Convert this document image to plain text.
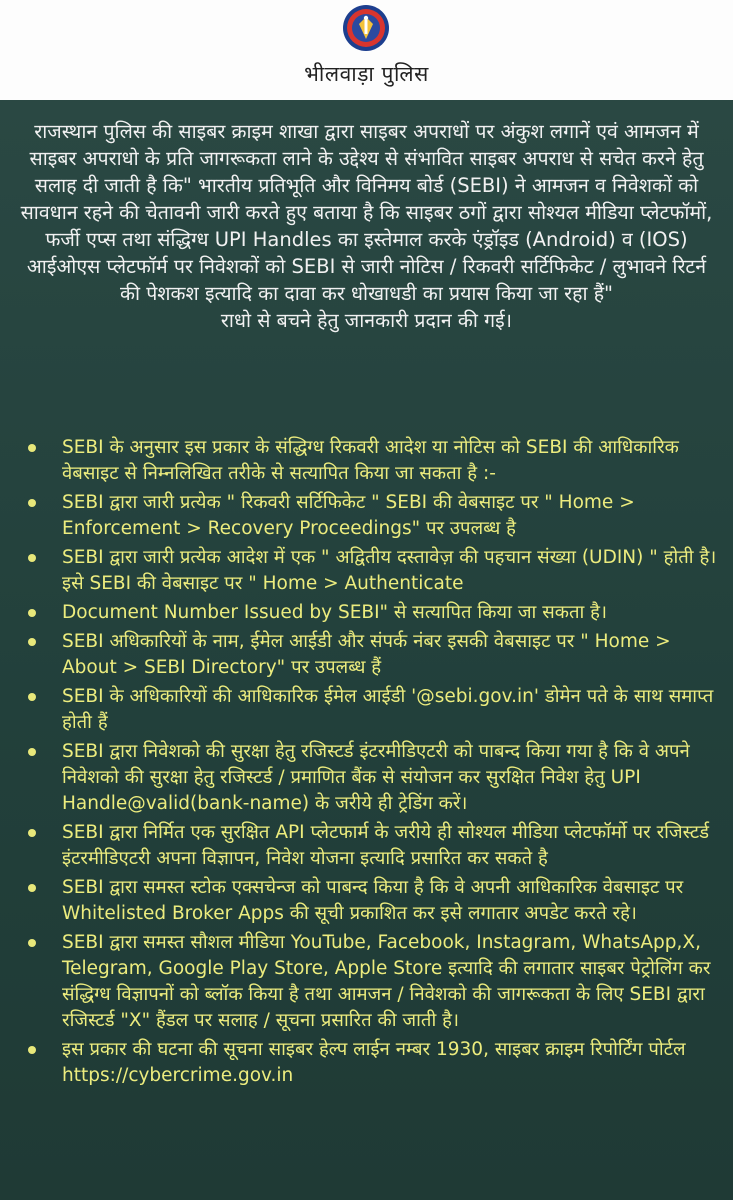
भीलवाड़ा पुलिस

राजस्थान पुलिस की साइबर क्राइम शाखा द्वारा साइबर अपराधों पर अंकुश लगानें एवं आमजन में साइबर अपराधो के प्रति जागरूकता लाने के उद्देश्य से संभावित साइबर अपराध से सचेत करने हेतु सलाह दी जाती है कि" भारतीय प्रतिभूति और विनिमय बोर्ड (SEBI) ने आमजन व निवेशकों को सावधान रहने की चेतावनी जारी करते हुए बताया है कि साइबर ठगों द्वारा सोश्यल मीडिया प्लेटफॉमों, फर्जी एप्स तथा संद्धिग्ध UPI Handles का इस्तेमाल करके एंड्रॉइड (Android) व (IOS) आईओएस प्लेटफॉर्म पर निवेशकों को SEBI से जारी नोटिस / रिकवरी सर्टिफिकेट / लुभावने रिटर्न की पेशकश इत्यादि का दावा कर धोखाधडी का प्रयास किया जा रहा हैं"

राधो से बचने हेतु जानकारी प्रदान की गई।

SEBI के अनुसार इस प्रकार के संद्धिग्ध रिकवरी आदेश या नोटिस को SEBI की आधिकारिक वेबसाइट से निम्नलिखित तरीके से सत्यापित किया जा सकता है :-
SEBI द्वारा जारी प्रत्येक " रिकवरी सर्टिफिकेट " SEBI की वेबसाइट पर " Home > Enforcement > Recovery Proceedings" पर उपलब्ध है
SEBI द्वारा जारी प्रत्येक आदेश में एक " अद्वितीय दस्तावेज़ की पहचान संख्या (UDIN) " होती है। इसे SEBI की वेबसाइट पर " Home > Authenticate
Document Number Issued by SEBI" से सत्यापित किया जा सकता है।
SEBI अधिकारियों के नाम, ईमेल आईडी और संपर्क नंबर इसकी वेबसाइट पर " Home > About > SEBI Directory" पर उपलब्ध हैं
SEBI के अधिकारियों की आधिकारिक ईमेल आईडी '@sebi.gov.in' डोमेन पते के साथ समाप्त होती हैं
SEBI द्वारा निवेशको की सुरक्षा हेतु रजिस्टर्ड इंटरमीडिएटरी को पाबन्द किया गया है कि वे अपने निवेशको की सुरक्षा हेतु रजिस्टर्ड / प्रमाणित बैंक से संयोजन कर सुरक्षित निवेश हेतु UPI Handle@valid(bank-name) के जरीये ही ट्रेडिंग करें।
SEBI द्वारा निर्मित एक सुरक्षित API प्लेटफार्म के जरीये ही सोश्यल मीडिया प्लेटफॉर्मो पर रजिस्टर्ड इंटरमीडिएटरी अपना विज्ञापन, निवेश योजना इत्यादि प्रसारित कर सकते है
SEBI द्वारा समस्त स्टोक एक्सचेन्ज को पाबन्द किया है कि वे अपनी आधिकारिक वेबसाइट पर Whitelisted Broker Apps की सूची प्रकाशित कर इसे लगातार अपडेट करते रहे।
SEBI द्वारा समस्त सौशल मीडिया YouTube, Facebook, Instagram, WhatsApp,X, Telegram, Google Play Store, Apple Store इत्यादि की लगातार साइबर पेट्रोलिंग कर संद्धिग्ध विज्ञापनों को ब्लॉक किया है तथा आमजन / निवेशको की जागरूकता के लिए SEBI द्वारा रजिस्टर्ड "X" हैंडल पर सलाह / सूचना प्रसारित की जाती है।
इस प्रकार की घटना की सूचना साइबर हेल्प लाईन नम्बर 1930, साइबर क्राइम रिपोर्टिंग पोर्टल https://cybercrime.gov.in
